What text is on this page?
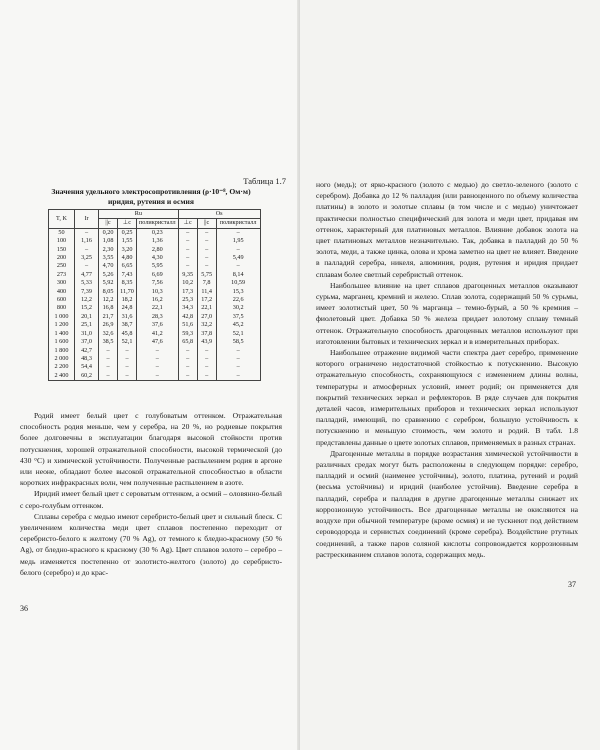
Таблица 1.7
Значения удельного электросопротивления (ρ·10⁻⁸, Ом·м)
иридия, рутения и осмия
T, K	Ir	Ru			Os		
		||c	⊥c	поликристалл	⊥c	||c	поликристалл
50	–	0,20	0,25	0,23	–	–	–
100	1,16	1,08	1,55	1,36	–	–	1,95
150	–	2,30	3,20	2,80	–	–	–
200	3,25	3,55	4,80	4,30	–	–	5,49
250	–	4,70	6,65	5,95	–	–	–
273	4,77	5,26	7,43	6,69	9,35	5,75	8,14
300	5,33	5,92	8,35	7,56	10,2	7,8	10,59
400	7,39	8,05	11,70	10,3	17,3	11,4	15,3
600	12,2	12,2	18,2	16,2	25,3	17,2	22,6
800	15,2	16,8	24,8	22,1	34,3	22,1	30,2
1 000	20,1	21,7	31,6	28,3	42,8	27,0	37,5
1 200	25,1	26,9	38,7	37,6	51,6	32,2	45,2
1 400	31,0	32,6	45,8	41,2	59,3	37,8	52,1
1 600	37,0	38,5	52,1	47,6	65,8	43,9	58,5
1 800	42,7	–	–	–	–	–	–
2 000	48,3	–	–	–	–	–	–
2 200	54,4	–	–	–	–	–	–
2 400	60,2	–	–	–	–	–	–

Родий имеет белый цвет с голубоватым оттенком. Отражательная способность родия меньше, чем у серебра, на 20 %, но родиевые покрытия более долговечны в эксплуатации благодаря высокой стойкости против потускнения, хорошей отражательной способности, высокой термической (до 430 °С) и химической устойчивости. Полученные распылением родия в аргоне или неоне, обладают более высокой отражательной способностью в области коротких инфракрасных волн, чем полученные распылением в азоте.

Иридий имеет белый цвет с сероватым оттенком, а осмий – оловянно-белый с серо-голубым оттенком.

Сплавы серебра с медью имеют серебристо-белый цвет и сильный блеск. С увеличением количества меди цвет сплавов постепенно переходит от серебристо-белого к желтому (70 % Ag), от темного к бледно-красному (50 % Ag), от бледно-красного к красному (30 % Ag). Цвет сплавов золото – серебро – медь изменяется постепенно от золотисто-желтого (золото) до серебристо-белого (серебро) и до крас-

36

ного (медь); от ярко-красного (золото с медью) до светло-зеленого (золото с серебром). Добавка до 12 % палладия (или равноценного по объему количества платины) в золото и золотые сплавы (в том числе и с медью) уничтожает практически полностью специфический для золота и меди цвет, придавая им оттенок, характерный для платиновых металлов. Влияние добавок золота на цвет платиновых металлов незначительно. Так, добавка в палладий до 50 % золота, меди, а также цинка, олова и хрома заметно на цвет не влияет. Введение в палладий серебра, никеля, алюминия, родия, рутения и иридия придает сплавам более светлый серебристый оттенок.

Наибольшее влияние на цвет сплавов драгоценных металлов оказывают сурьма, марганец, кремний и железо. Сплав золота, содержащий 50 % сурьмы, имеет золотистый цвет, 50 % марганца – темно-бурый, а 50 % кремния – фиолетовый цвет. Добавка 50 % железа придает золотому сплаву темный оттенок. Отражательную способность драгоценных металлов используют при изготовлении бытовых и технических зеркал и в измерительных приборах.

Наибольшее отражение видимой части спектра дает серебро, применение которого ограничено недостаточной стойкостью к потускнению. Высокую отражательную способность, сохраняющуюся с изменением длины волны, температуры и атмосферных условий, имеет родий; он применяется для покрытий технических зеркал и рефлекторов. В ряде случаев для покрытия деталей часов, измерительных приборов и технических зеркал используют палладий, имеющий, по сравнению с серебром, большую устойчивость к потускнению и меньшую стоимость, чем золото и родий. В табл. 1.8 представлены данные о цвете золотых сплавов, применяемых в разных странах.

Драгоценные металлы в порядке возрастания химической устойчивости в различных средах могут быть расположены в следующем порядке: серебро, палладий и осмий (наименее устойчивы), золото, платина, рутений и родий (весьма устойчивы) и иридий (наиболее устойчив). Введение серебра в палладий, серебра и палладия в другие драгоценные металлы снижает их коррозионную устойчивость. Все драгоценные металлы не окисляются на воздухе при обычной температуре (кроме осмия) и не тускнеют под действием сероводорода и сернистых соединений (кроме серебра). Воздействие ртутных соединений, а также паров соляной кислоты сопровождается коррозионным растрескиванием сплавов золота, содержащих медь.

37
